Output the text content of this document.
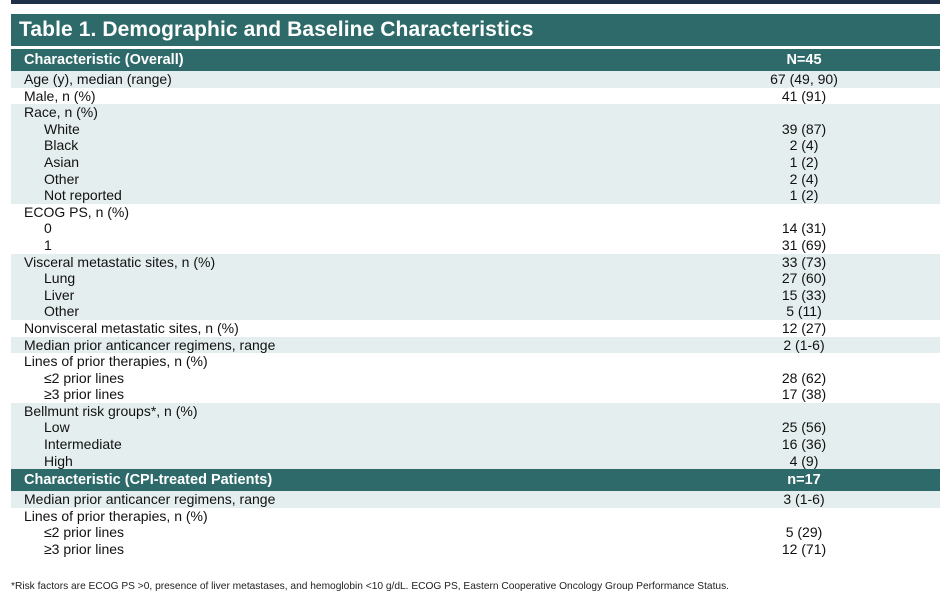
Table 1. Demographic and Baseline Characteristics
Characteristic (Overall)	N=45
Age (y), median (range)	67 (49, 90)
Male, n (%)	41 (91)
Race, n (%)
White	39 (87)
Black	2 (4)
Asian	1 (2)
Other	2 (4)
Not reported	1 (2)
ECOG PS, n (%)
0	14 (31)
1	31 (69)
Visceral metastatic sites, n (%)	33 (73)
Lung	27 (60)
Liver	15 (33)
Other	5 (11)
Nonvisceral metastatic sites, n (%)	12 (27)
Median prior anticancer regimens, range	2 (1-6)
Lines of prior therapies, n (%)
≤2 prior lines	28 (62)
≥3 prior lines	17 (38)
Bellmunt risk groups*, n (%)
Low	25 (56)
Intermediate	16 (36)
High	4 (9)
Characteristic (CPI-treated Patients)	n=17
Median prior anticancer regimens, range	3 (1-6)
Lines of prior therapies, n (%)
≤2 prior lines	5 (29)
≥3 prior lines	12 (71)
*Risk factors are ECOG PS >0, presence of liver metastases, and hemoglobin <10 g/dL. ECOG PS, Eastern Cooperative Oncology Group Performance Status.
